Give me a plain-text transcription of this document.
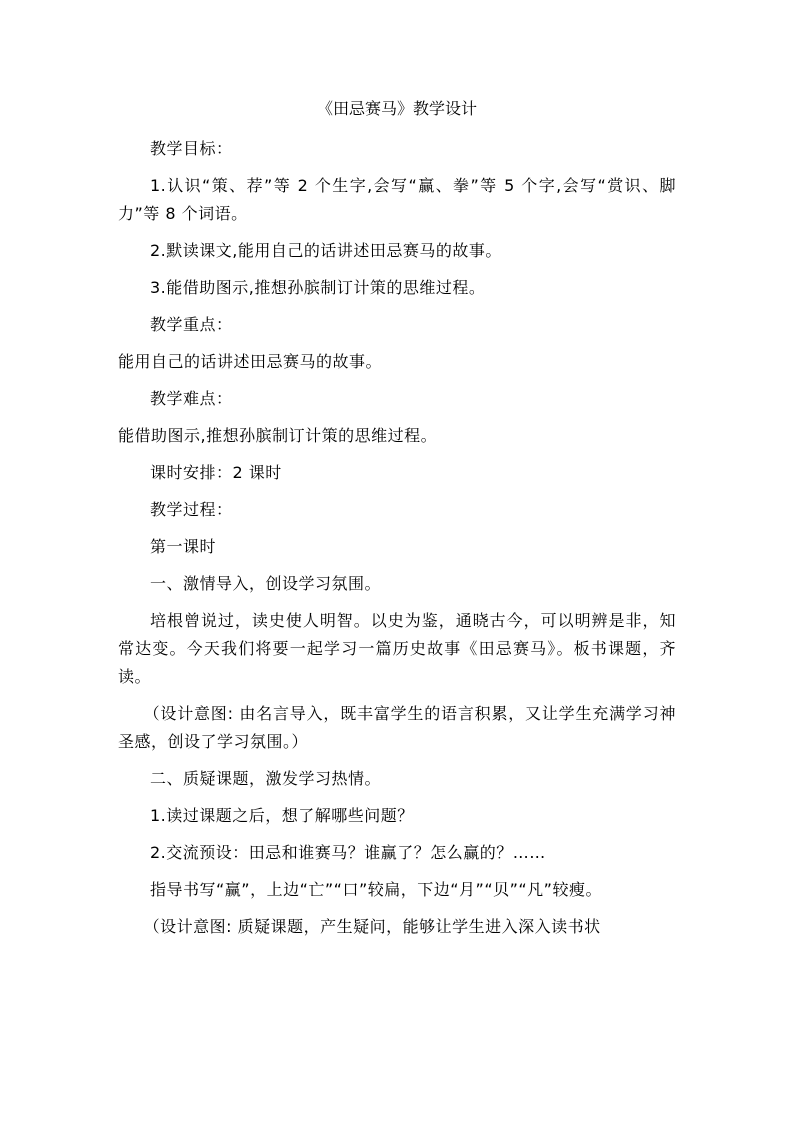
《田忌赛马》教学设计

教学目标：

1.认识“策、荐”等 2 个生字,会写“赢、拳”等 5 个字,会写“赏识、脚力”等 8 个词语。

2.默读课文,能用自己的话讲述田忌赛马的故事。

3.能借助图示,推想孙膑制订计策的思维过程。

教学重点：

能用自己的话讲述田忌赛马的故事。

教学难点：

能借助图示,推想孙膑制订计策的思维过程。

课时安排：2 课时

教学过程：

第一课时

一、激情导入，创设学习氛围。

培根曾说过，读史使人明智。以史为鉴，通晓古今，可以明辨是非，知常达变。今天我们将要一起学习一篇历史故事《田忌赛马》。板书课题，齐读。

（设计意图: 由名言导入，既丰富学生的语言积累，又让学生充满学习神圣感，创设了学习氛围。）

二、质疑课题，激发学习热情。

1.读过课题之后，想了解哪些问题？

2.交流预设：田忌和谁赛马？谁赢了？怎么赢的？……

指导书写“赢”，上边“亡”“口”较扁，下边“月”“贝”“凡”较瘦。

（设计意图: 质疑课题，产生疑问，能够让学生进入深入读书状
